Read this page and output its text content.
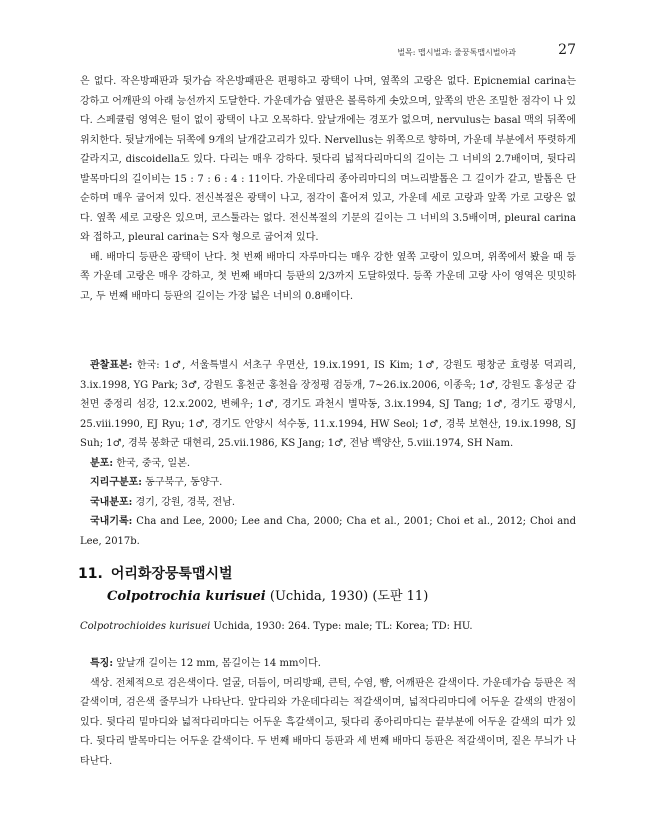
벌목: 맵시벌과: 줄꿍톡맵시벌아과	27

은 없다. 작은방패판과 뒷가슴 작은방패판은 편평하고 광택이 나며, 옆쪽의 고랑은 없다. Epicnemial carina는 강하고 어깨판의 아래 능선까지 도달한다. 가운데가슴 옆판은 볼록하게 솟았으며, 앞쪽의 반은 조밀한 점각이 나 있다. 스페큘럼 영역은 털이 없이 광택이 나고 오목하다. 앞날개에는 경포가 없으며, nervulus는 basal 맥의 뒤쪽에 위치한다. 뒷날개에는 뒤쪽에 9개의 날개갈고리가 있다. Nervellus는 위쪽으로 향하며, 가운데 부분에서 뚜렷하게 갈라지고, discoidella도 있다. 다리는 매우 강하다. 뒷다리 넓적다리마디의 길이는 그 너비의 2.7배이며, 뒷다리 발목마디의 길이비는 15 : 7 : 6 : 4 : 11이다. 가운데다리 종아리마디의 며느리발톱은 그 길이가 같고, 발톱은 단순하며 매우 굽어져 있다. 전신복절은 광택이 나고, 점각이 흩어져 있고, 가운데 세로 고랑과 앞쪽 가로 고랑은 없다. 옆쪽 세로 고랑은 있으며, 코스툴라는 없다. 전신복절의 기문의 길이는 그 너비의 3.5배이며, pleural carina와 접하고, pleural carina는 S자 형으로 굽어져 있다.

배. 배마디 등판은 광택이 난다. 첫 번째 배마디 자루마디는 매우 강한 옆쪽 고랑이 있으며, 위쪽에서 봤을 때 등쪽 가운데 고랑은 매우 강하고, 첫 번째 배마디 등판의 2/3까지 도달하였다. 등쪽 가운데 고랑 사이 영역은 밋밋하고, 두 번째 배마디 등판의 길이는 가장 넓은 너비의 0.8배이다.

관찰표본: 한국: 1♂, 서울특별시 서초구 우면산, 19.ix.1991, IS Kim; 1♂, 강원도 평창군 효령봉 덕괴리, 3.ix.1998, YG Park; 3♂, 강원도 홍천군 홍천읍 장정평 검둥개, 7~26.ix.2006, 이종욱; 1♂, 강원도 홍성군 갑천면 중정리 섬강, 12.x.2002, 변혜우; 1♂, 경기도 과천시 별막동, 3.ix.1994, SJ Tang; 1♂, 경기도 광명시, 25.viii.1990, EJ Ryu; 1♂, 경기도 안양시 석수동, 11.x.1994, HW Seol; 1♂, 경북 보현산, 19.ix.1998, SJ Suh; 1♂, 경북 봉화군 대현리, 25.vii.1986, KS Jang; 1♂, 전남 백양산, 5.viii.1974, SH Nam.

분포: 한국, 중국, 일본.

지리구분포: 동구북구, 동양구.

국내분포: 경기, 강원, 경북, 전남.

국내기록: Cha and Lee, 2000; Lee and Cha, 2000; Cha et al., 2001; Choi et al., 2012; Choi and Lee, 2017b.

11. 어리화장뭉툭맵시벌
Colpotrochia kurisuei (Uchida, 1930) (도판 11)
Colpotrochioides kurisuei Uchida, 1930: 264. Type: male; TL: Korea; TD: HU.

특징: 앞날개 길이는 12 mm, 몸길이는 14 mm이다.

색상. 전체적으로 검은색이다. 얼굴, 더듬이, 머리방패, 큰턱, 수염, 뺨, 어깨판은 갈색이다. 가운데가슴 등판은 적갈색이며, 검은색 줄무늬가 나타난다. 앞다리와 가운데다리는 적갈색이며, 넓적다리마디에 어두운 갈색의 반점이 있다. 뒷다리 밑마디와 넓적다리마디는 어두운 흑갈색이고, 뒷다리 종아리마디는 끝부분에 어두운 갈색의 띠가 있다. 뒷다리 발목마디는 어두운 갈색이다. 두 번째 배마디 등판과 세 번째 배마디 등판은 적갈색이며, 짙은 무늬가 나타난다.
